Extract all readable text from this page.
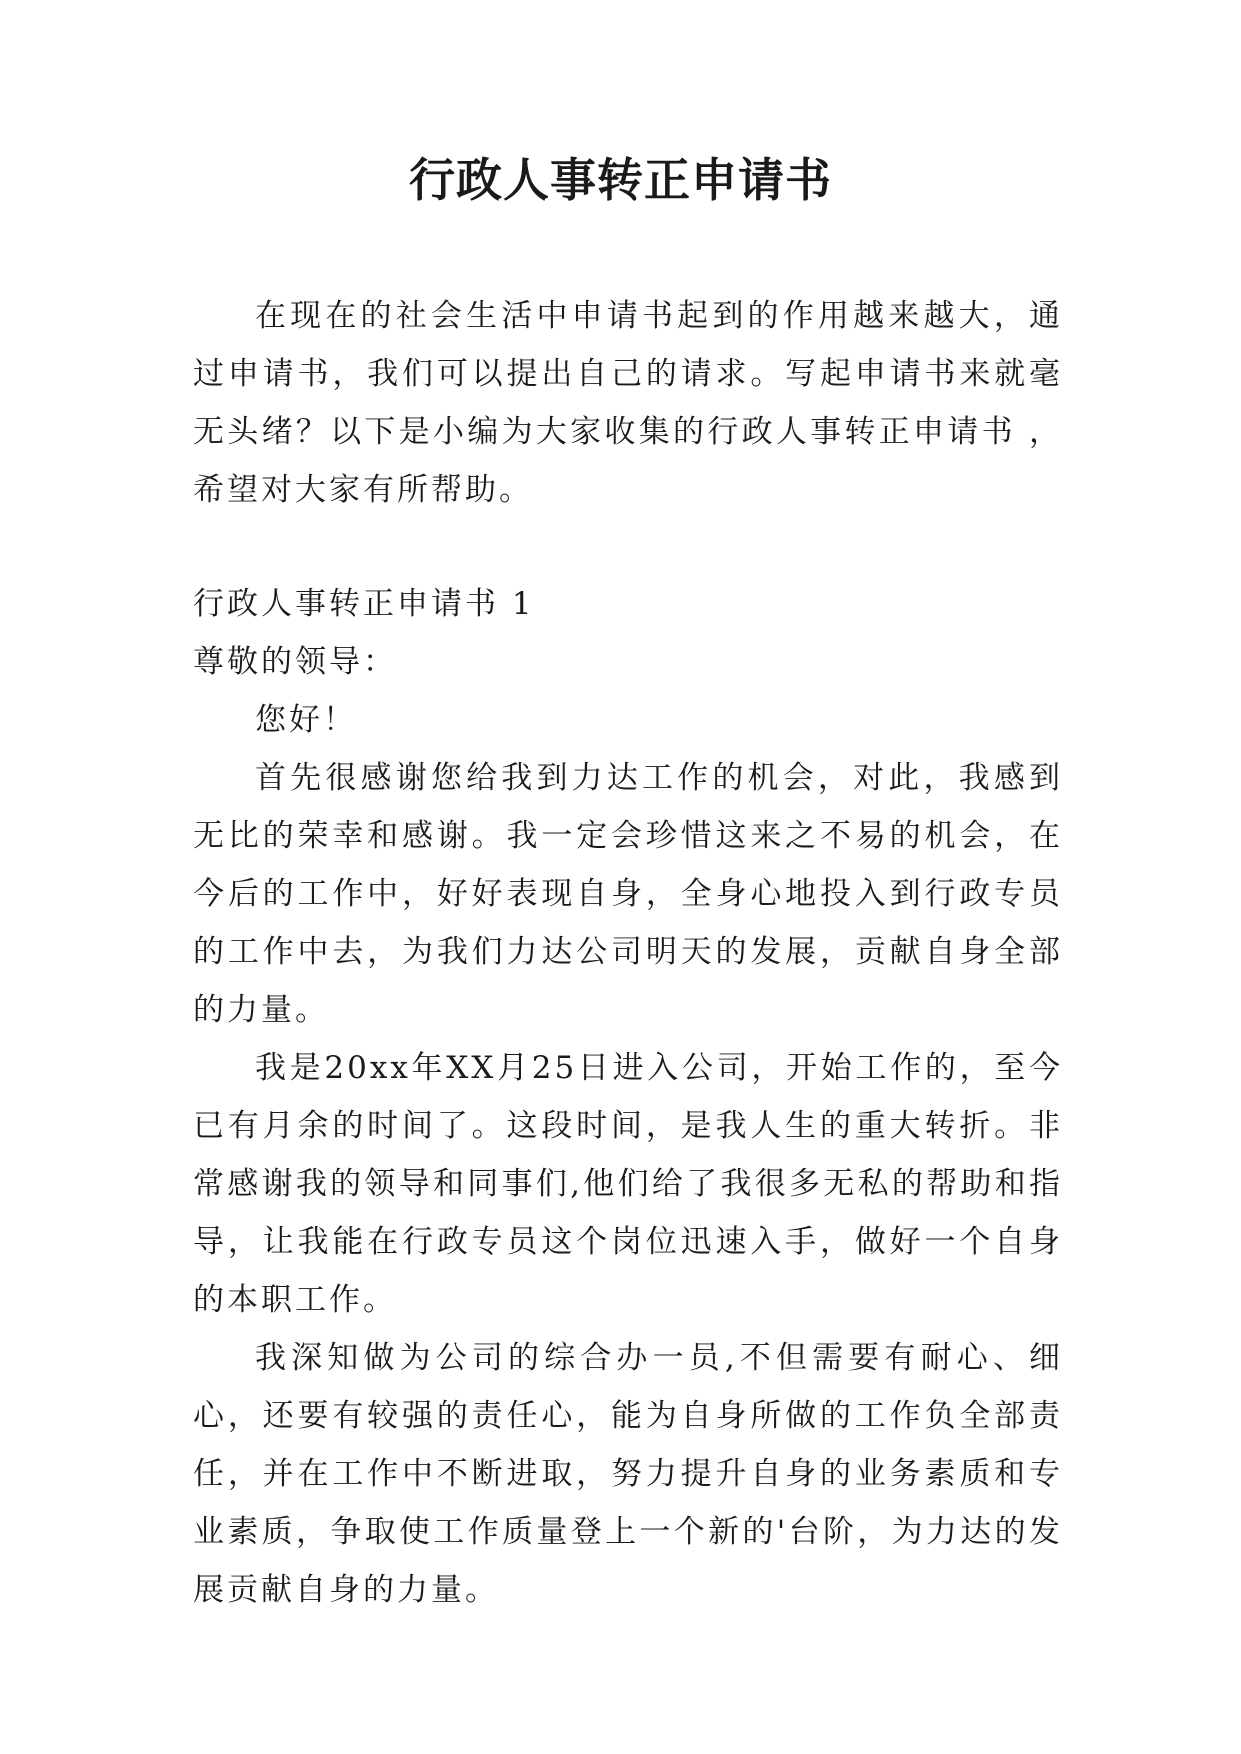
行政人事转正申请书

在现在的社会生活中申请书起到的作用越来越大，通过申请书，我们可以提出自己的请求。写起申请书来就毫无头绪？以下是小编为大家收集的行政人事转正申请书 ，希望对大家有所帮助。

行政人事转正申请书 1

尊敬的领导：

您好！

首先很感谢您给我到力达工作的机会，对此，我感到无比的荣幸和感谢。我一定会珍惜这来之不易的机会，在今后的工作中，好好表现自身，全身心地投入到行政专员的工作中去，为我们力达公司明天的发展，贡献自身全部的力量。

我是20xx年XX月25日进入公司，开始工作的，至今已有月余的时间了。这段时间，是我人生的重大转折。非常感谢我的领导和同事们,他们给了我很多无私的帮助和指导，让我能在行政专员这个岗位迅速入手，做好一个自身的本职工作。

我深知做为公司的综合办一员,不但需要有耐心、细心，还要有较强的责任心，能为自身所做的工作负全部责任，并在工作中不断进取，努力提升自身的业务素质和专业素质，争取使工作质量登上一个新的'台阶，为力达的发展贡献自身的力量。
